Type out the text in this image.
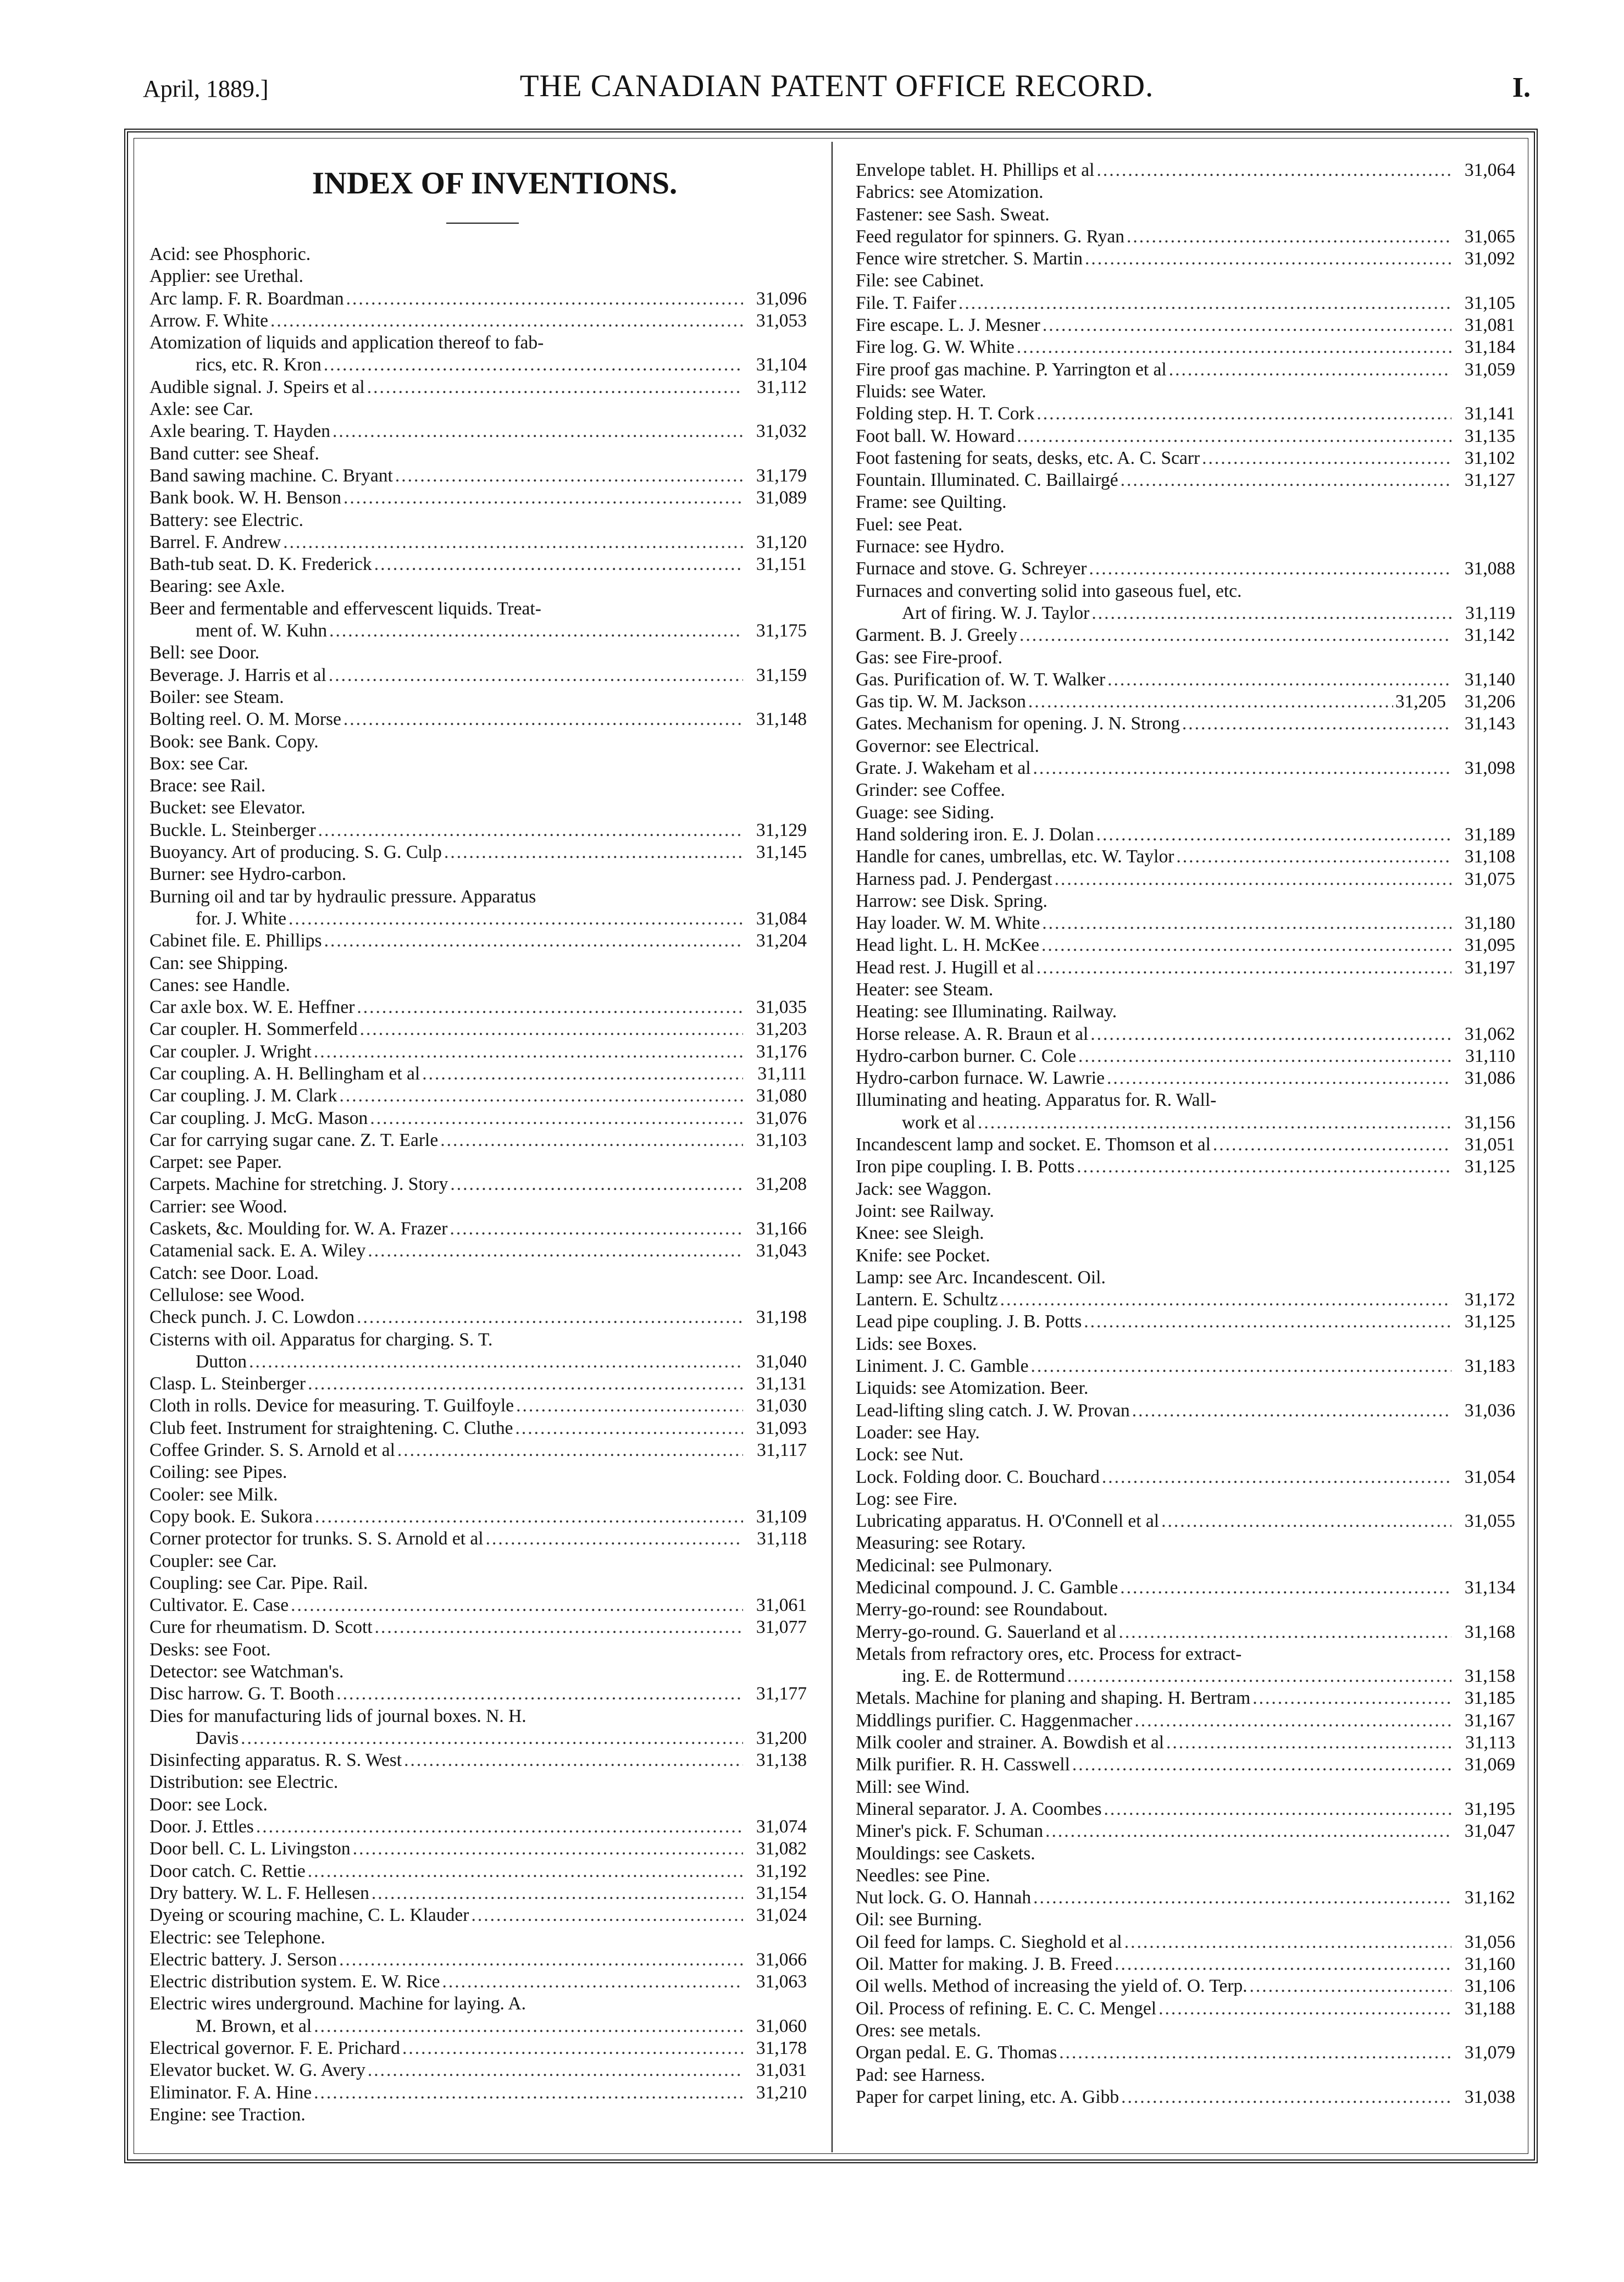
April, 1889.]	THE CANADIAN PATENT OFFICE RECORD.	I.
INDEX OF INVENTIONS.
Acid: see Phosphoric.
Applier: see Urethal.
Arc lamp. F. R. Boardman .....	31,096
Arrow. F. White .....	31,053
Atomization of liquids and application thereof to fab-
rics, etc. R. Kron .....	31,104
Audible signal. J. Speirs et al .....	31,112
Axle: see Car.
Axle bearing. T. Hayden .....	31,032
Band cutter: see Sheaf.
Band sawing machine. C. Bryant .....	31,179
Bank book. W. H. Benson .....	31,089
Battery: see Electric.
Barrel. F. Andrew .....	31,120
Bath-tub seat. D. K. Frederick .....	31,151
Bearing: see Axle.
Beer and fermentable and effervescent liquids. Treat-
ment of. W. Kuhn .....	31,175
Bell: see Door.
Beverage. J. Harris et al .....	31,159
Boiler: see Steam.
Bolting reel. O. M. Morse .....	31,148
Book: see Bank. Copy.
Box: see Car.
Brace: see Rail.
Bucket: see Elevator.
Buckle. L. Steinberger .....	31,129
Buoyancy. Art of producing. S. G. Culp .....	31,145
Burner: see Hydro-carbon.
Burning oil and tar by hydraulic pressure. Apparatus
for. J. White .....	31,084
Cabinet file. E. Phillips .....	31,204
Can: see Shipping.
Canes: see Handle.
Car axle box. W. E. Heffner .....	31,035
Car coupler. H. Sommerfeld .....	31,203
Car coupler. J. Wright .....	31,176
Car coupling. A. H. Bellingham et al .....	31,111
Car coupling. J. M. Clark .....	31,080
Car coupling. J. McG. Mason .....	31,076
Car for carrying sugar cane. Z. T. Earle .....	31,103
Carpet: see Paper.
Carpets. Machine for stretching. J. Story .....	31,208
Carrier: see Wood.
Caskets, &c. Moulding for. W. A. Frazer .....	31,166
Catamenial sack. E. A. Wiley .....	31,043
Catch: see Door. Load.
Cellulose: see Wood.
Check punch. J. C. Lowdon .....	31,198
Cisterns with oil. Apparatus for charging. S. T.
Dutton .....	31,040
Clasp. L. Steinberger .....	31,131
Cloth in rolls. Device for measuring. T. Guilfoyle .....	31,030
Club feet. Instrument for straightening. C. Cluthe .....	31,093
Coffee Grinder. S. S. Arnold et al .....	31,117
Coiling: see Pipes.
Cooler: see Milk.
Copy book. E. Sukora .....	31,109
Corner protector for trunks. S. S. Arnold et al .....	31,118
Coupler: see Car.
Coupling: see Car. Pipe. Rail.
Cultivator. E. Case .....	31,061
Cure for rheumatism. D. Scott .....	31,077
Desks: see Foot.
Detector: see Watchman's.
Disc harrow. G. T. Booth .....	31,177
Dies for manufacturing lids of journal boxes. N. H.
Davis .....	31,200
Disinfecting apparatus. R. S. West .....	31,138
Distribution: see Electric.
Door: see Lock.
Door. J. Ettles .....	31,074
Door bell. C. L. Livingston .....	31,082
Door catch. C. Rettie .....	31,192
Dry battery. W. L. F. Hellesen .....	31,154
Dyeing or scouring machine, C. L. Klauder .....	31,024
Electric: see Telephone.
Electric battery. J. Serson .....	31,066
Electric distribution system. E. W. Rice .....	31,063
Electric wires underground. Machine for laying. A.
M. Brown, et al .....	31,060
Electrical governor. F. E. Prichard .....	31,178
Elevator bucket. W. G. Avery .....	31,031
Eliminator. F. A. Hine .....	31,210
Engine: see Traction.
Envelope tablet. H. Phillips et al .....	31,064
Fabrics: see Atomization.
Fastener: see Sash. Sweat.
Feed regulator for spinners. G. Ryan .....	31,065
Fence wire stretcher. S. Martin .....	31,092
File: see Cabinet.
File. T. Faifer .....	31,105
Fire escape. L. J. Mesner .....	31,081
Fire log. G. W. White .....	31,184
Fire proof gas machine. P. Yarrington et al .....	31,059
Fluids: see Water.
Folding step. H. T. Cork .....	31,141
Foot ball. W. Howard .....	31,135
Foot fastening for seats, desks, etc. A. C. Scarr .....	31,102
Fountain. Illuminated. C. Baillairgé .....	31,127
Frame: see Quilting.
Fuel: see Peat.
Furnace: see Hydro.
Furnace and stove. G. Schreyer .....	31,088
Furnaces and converting solid into gaseous fuel, etc.
Art of firing. W. J. Taylor .....	31,119
Garment. B. J. Greely .....	31,142
Gas: see Fire-proof.
Gas. Purification of. W. T. Walker .....	31,140
Gas tip. W. M. Jackson .....	31,205	31,206
Gates. Mechanism for opening. J. N. Strong .....	31,143
Governor: see Electrical.
Grate. J. Wakeham et al .....	31,098
Grinder: see Coffee.
Guage: see Siding.
Hand soldering iron. E. J. Dolan .....	31,189
Handle for canes, umbrellas, etc. W. Taylor .....	31,108
Harness pad. J. Pendergast .....	31,075
Harrow: see Disk. Spring.
Hay loader. W. M. White .....	31,180
Head light. L. H. McKee .....	31,095
Head rest. J. Hugill et al .....	31,197
Heater: see Steam.
Heating: see Illuminating. Railway.
Horse release. A. R. Braun et al .....	31,062
Hydro-carbon burner. C. Cole .....	31,110
Hydro-carbon furnace. W. Lawrie .....	31,086
Illuminating and heating. Apparatus for. R. Wall-
work et al .....	31,156
Incandescent lamp and socket. E. Thomson et al .....	31,051
Iron pipe coupling. I. B. Potts .....	31,125
Jack: see Waggon.
Joint: see Railway.
Knee: see Sleigh.
Knife: see Pocket.
Lamp: see Arc. Incandescent. Oil.
Lantern. E. Schultz .....	31,172
Lead pipe coupling. J. B. Potts .....	31,125
Lids: see Boxes.
Liniment. J. C. Gamble .....	31,183
Liquids: see Atomization. Beer.
Lead-lifting sling catch. J. W. Provan .....	31,036
Loader: see Hay.
Lock: see Nut.
Lock. Folding door. C. Bouchard .....	31,054
Log: see Fire.
Lubricating apparatus. H. O'Connell et al .....	31,055
Measuring: see Rotary.
Medicinal: see Pulmonary.
Medicinal compound. J. C. Gamble .....	31,134
Merry-go-round: see Roundabout.
Merry-go-round. G. Sauerland et al .....	31,168
Metals from refractory ores, etc. Process for extract-
ing. E. de Rottermund .....	31,158
Metals. Machine for planing and shaping. H. Bertram .....	31,185
Middlings purifier. C. Haggenmacher .....	31,167
Milk cooler and strainer. A. Bowdish et al .....	31,113
Milk purifier. R. H. Casswell .....	31,069
Mill: see Wind.
Mineral separator. J. A. Coombes .....	31,195
Miner's pick. F. Schuman .....	31,047
Mouldings: see Caskets.
Needles: see Pine.
Nut lock. G. O. Hannah .....	31,162
Oil: see Burning.
Oil feed for lamps. C. Sieghold et al .....	31,056
Oil. Matter for making. J. B. Freed .....	31,160
Oil wells. Method of increasing the yield of. O. Terp. .....	31,106
Oil. Process of refining. E. C. C. Mengel .....	31,188
Ores: see metals.
Organ pedal. E. G. Thomas .....	31,079
Pad: see Harness.
Paper for carpet lining, etc. A. Gibb .....	31,038
